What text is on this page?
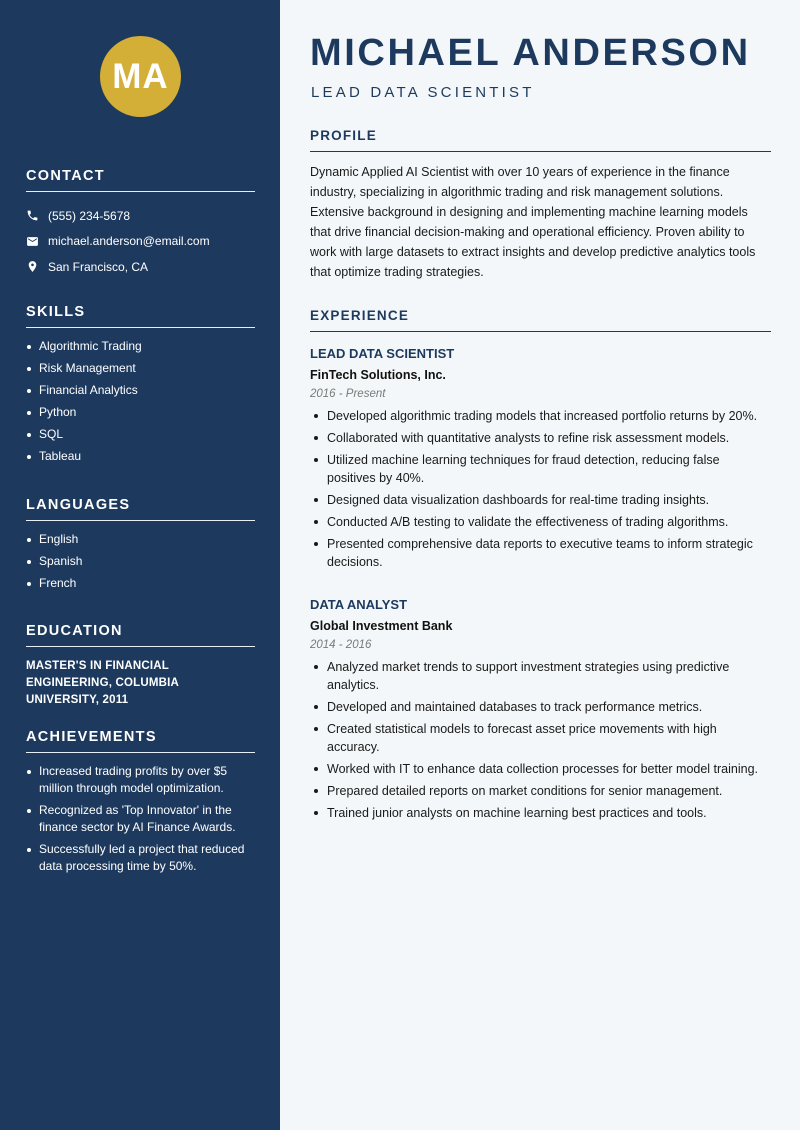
MA
CONTACT
(555) 234-5678
michael.anderson@email.com
San Francisco, CA
SKILLS
Algorithmic Trading
Risk Management
Financial Analytics
Python
SQL
Tableau
LANGUAGES
English
Spanish
French
EDUCATION
MASTER'S IN FINANCIAL ENGINEERING, COLUMBIA UNIVERSITY, 2011
ACHIEVEMENTS
Increased trading profits by over $5 million through model optimization.
Recognized as 'Top Innovator' in the finance sector by AI Finance Awards.
Successfully led a project that reduced data processing time by 50%.
MICHAEL ANDERSON
LEAD DATA SCIENTIST
PROFILE

Dynamic Applied AI Scientist with over 10 years of experience in the finance industry, specializing in algorithmic trading and risk management solutions. Extensive background in designing and implementing machine learning models that drive financial decision-making and operational efficiency. Proven ability to work with large datasets to extract insights and develop predictive analytics tools that optimize trading strategies.

EXPERIENCE
LEAD DATA SCIENTIST
FinTech Solutions, Inc.
2016 - Present
Developed algorithmic trading models that increased portfolio returns by 20%.
Collaborated with quantitative analysts to refine risk assessment models.
Utilized machine learning techniques for fraud detection, reducing false positives by 40%.
Designed data visualization dashboards for real-time trading insights.
Conducted A/B testing to validate the effectiveness of trading algorithms.
Presented comprehensive data reports to executive teams to inform strategic decisions.
DATA ANALYST
Global Investment Bank
2014 - 2016
Analyzed market trends to support investment strategies using predictive analytics.
Developed and maintained databases to track performance metrics.
Created statistical models to forecast asset price movements with high accuracy.
Worked with IT to enhance data collection processes for better model training.
Prepared detailed reports on market conditions for senior management.
Trained junior analysts on machine learning best practices and tools.
